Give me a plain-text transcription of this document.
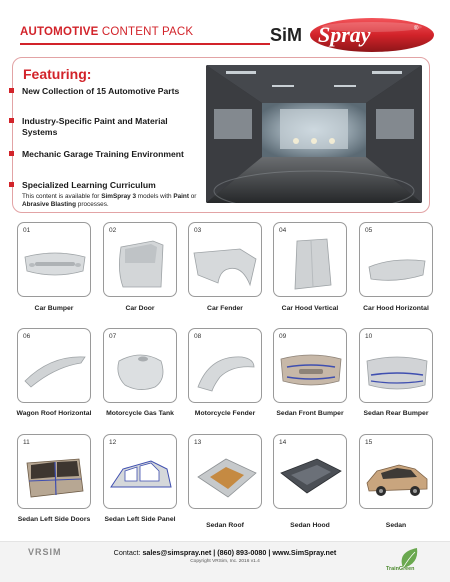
AUTOMOTIVE CONTENT PACK	SiM Spray	®
Featuring:
New Collection of 15 Automotive Parts
Industry-Specific Paint and Material Systems
Mechanic Garage Training Environment
Specialized Learning Curriculum
This content is available for SimSpray 3 models with Paint or Abrasive Blasting processes.
01
Car Bumper
02
Car Door
03
Car Fender
04
Car Hood Vertical
05
Car Hood Horizontal
06
Wagon Roof Horizontal
07
Motorcycle Gas Tank
08
Motorcycle Fender
09
Sedan Front Bumper
10
Sedan Rear Bumper
11
Sedan Left Side Doors
12
Sedan Left Side Panel
13
Sedan Roof
14
Sedan Hood
15
Sedan
VRSIM	Contact: sales@simspray.net | (860) 893-0080 | www.SimSpray.net
Copyright VRSim, Inc. 2016 v1.4
TrainGreen
